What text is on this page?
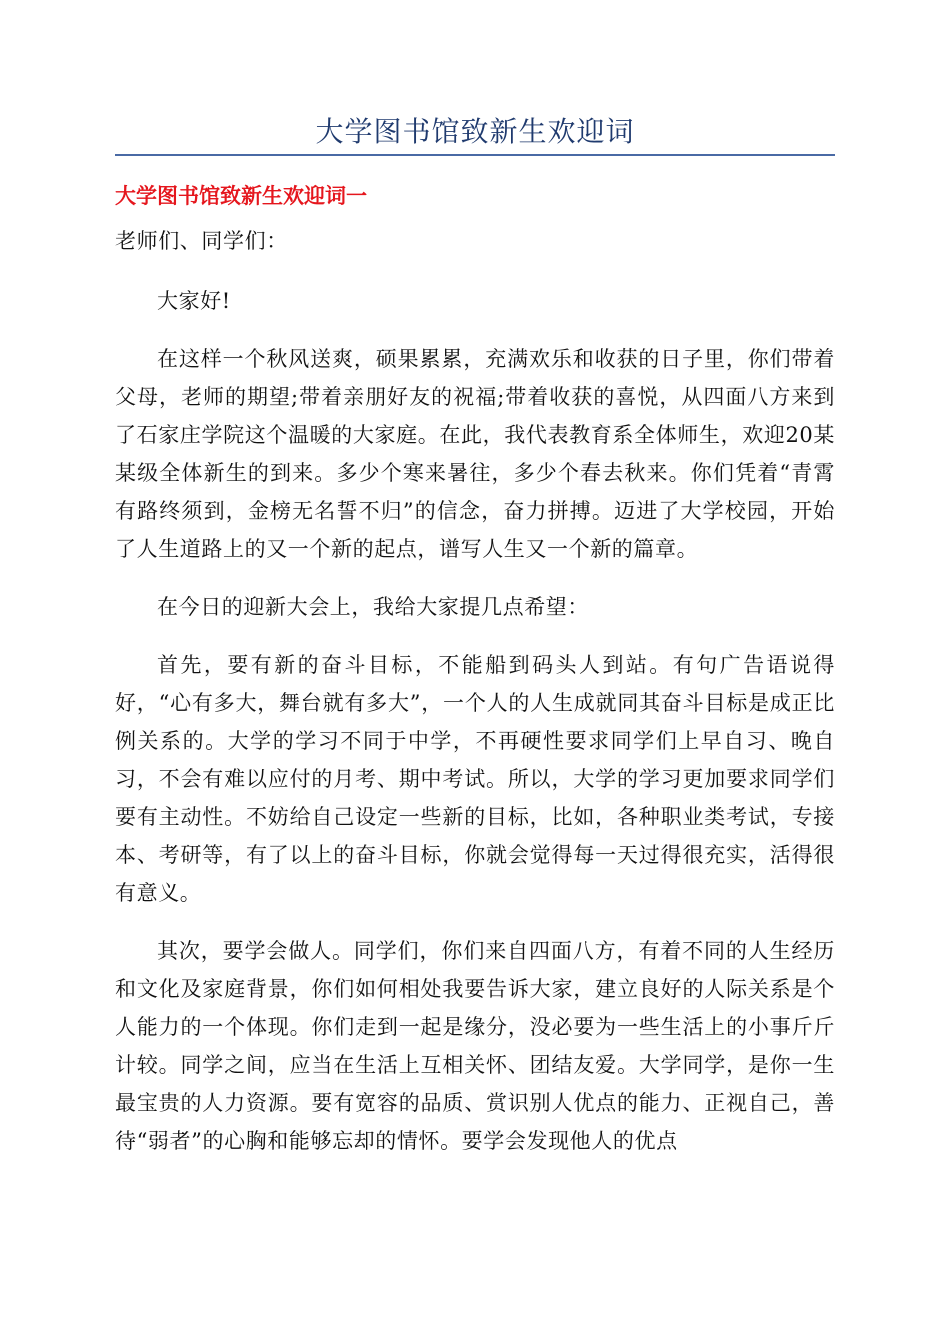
大学图书馆致新生欢迎词
大学图书馆致新生欢迎词一

老师们、同学们：

大家好!

在这样一个秋风送爽，硕果累累，充满欢乐和收获的日子里，你们带着父母，老师的期望;带着亲朋好友的祝福;带着收获的喜悦，从四面八方来到了石家庄学院这个温暖的大家庭。在此，我代表教育系全体师生，欢迎20某某级全体新生的到来。多少个寒来暑往，多少个春去秋来。你们凭着“青霄有路终须到，金榜无名誓不归”的信念，奋力拼搏。迈进了大学校园，开始了人生道路上的又一个新的起点，谱写人生又一个新的篇章。

在今日的迎新大会上，我给大家提几点希望：

首先，要有新的奋斗目标，不能船到码头人到站。有句广告语说得好，“心有多大，舞台就有多大”，一个人的人生成就同其奋斗目标是成正比例关系的。大学的学习不同于中学，不再硬性要求同学们上早自习、晚自习，不会有难以应付的月考、期中考试。所以，大学的学习更加要求同学们要有主动性。不妨给自己设定一些新的目标，比如，各种职业类考试，专接本、考研等，有了以上的奋斗目标，你就会觉得每一天过得很充实，活得很有意义。

其次，要学会做人。同学们，你们来自四面八方，有着不同的人生经历和文化及家庭背景，你们如何相处我要告诉大家，建立良好的人际关系是个人能力的一个体现。你们走到一起是缘分，没必要为一些生活上的小事斤斤计较。同学之间，应当在生活上互相关怀、团结友爱。大学同学，是你一生最宝贵的人力资源。要有宽容的品质、赏识别人优点的能力、正视自己，善待“弱者”的心胸和能够忘却的情怀。要学会发现他人的优点
